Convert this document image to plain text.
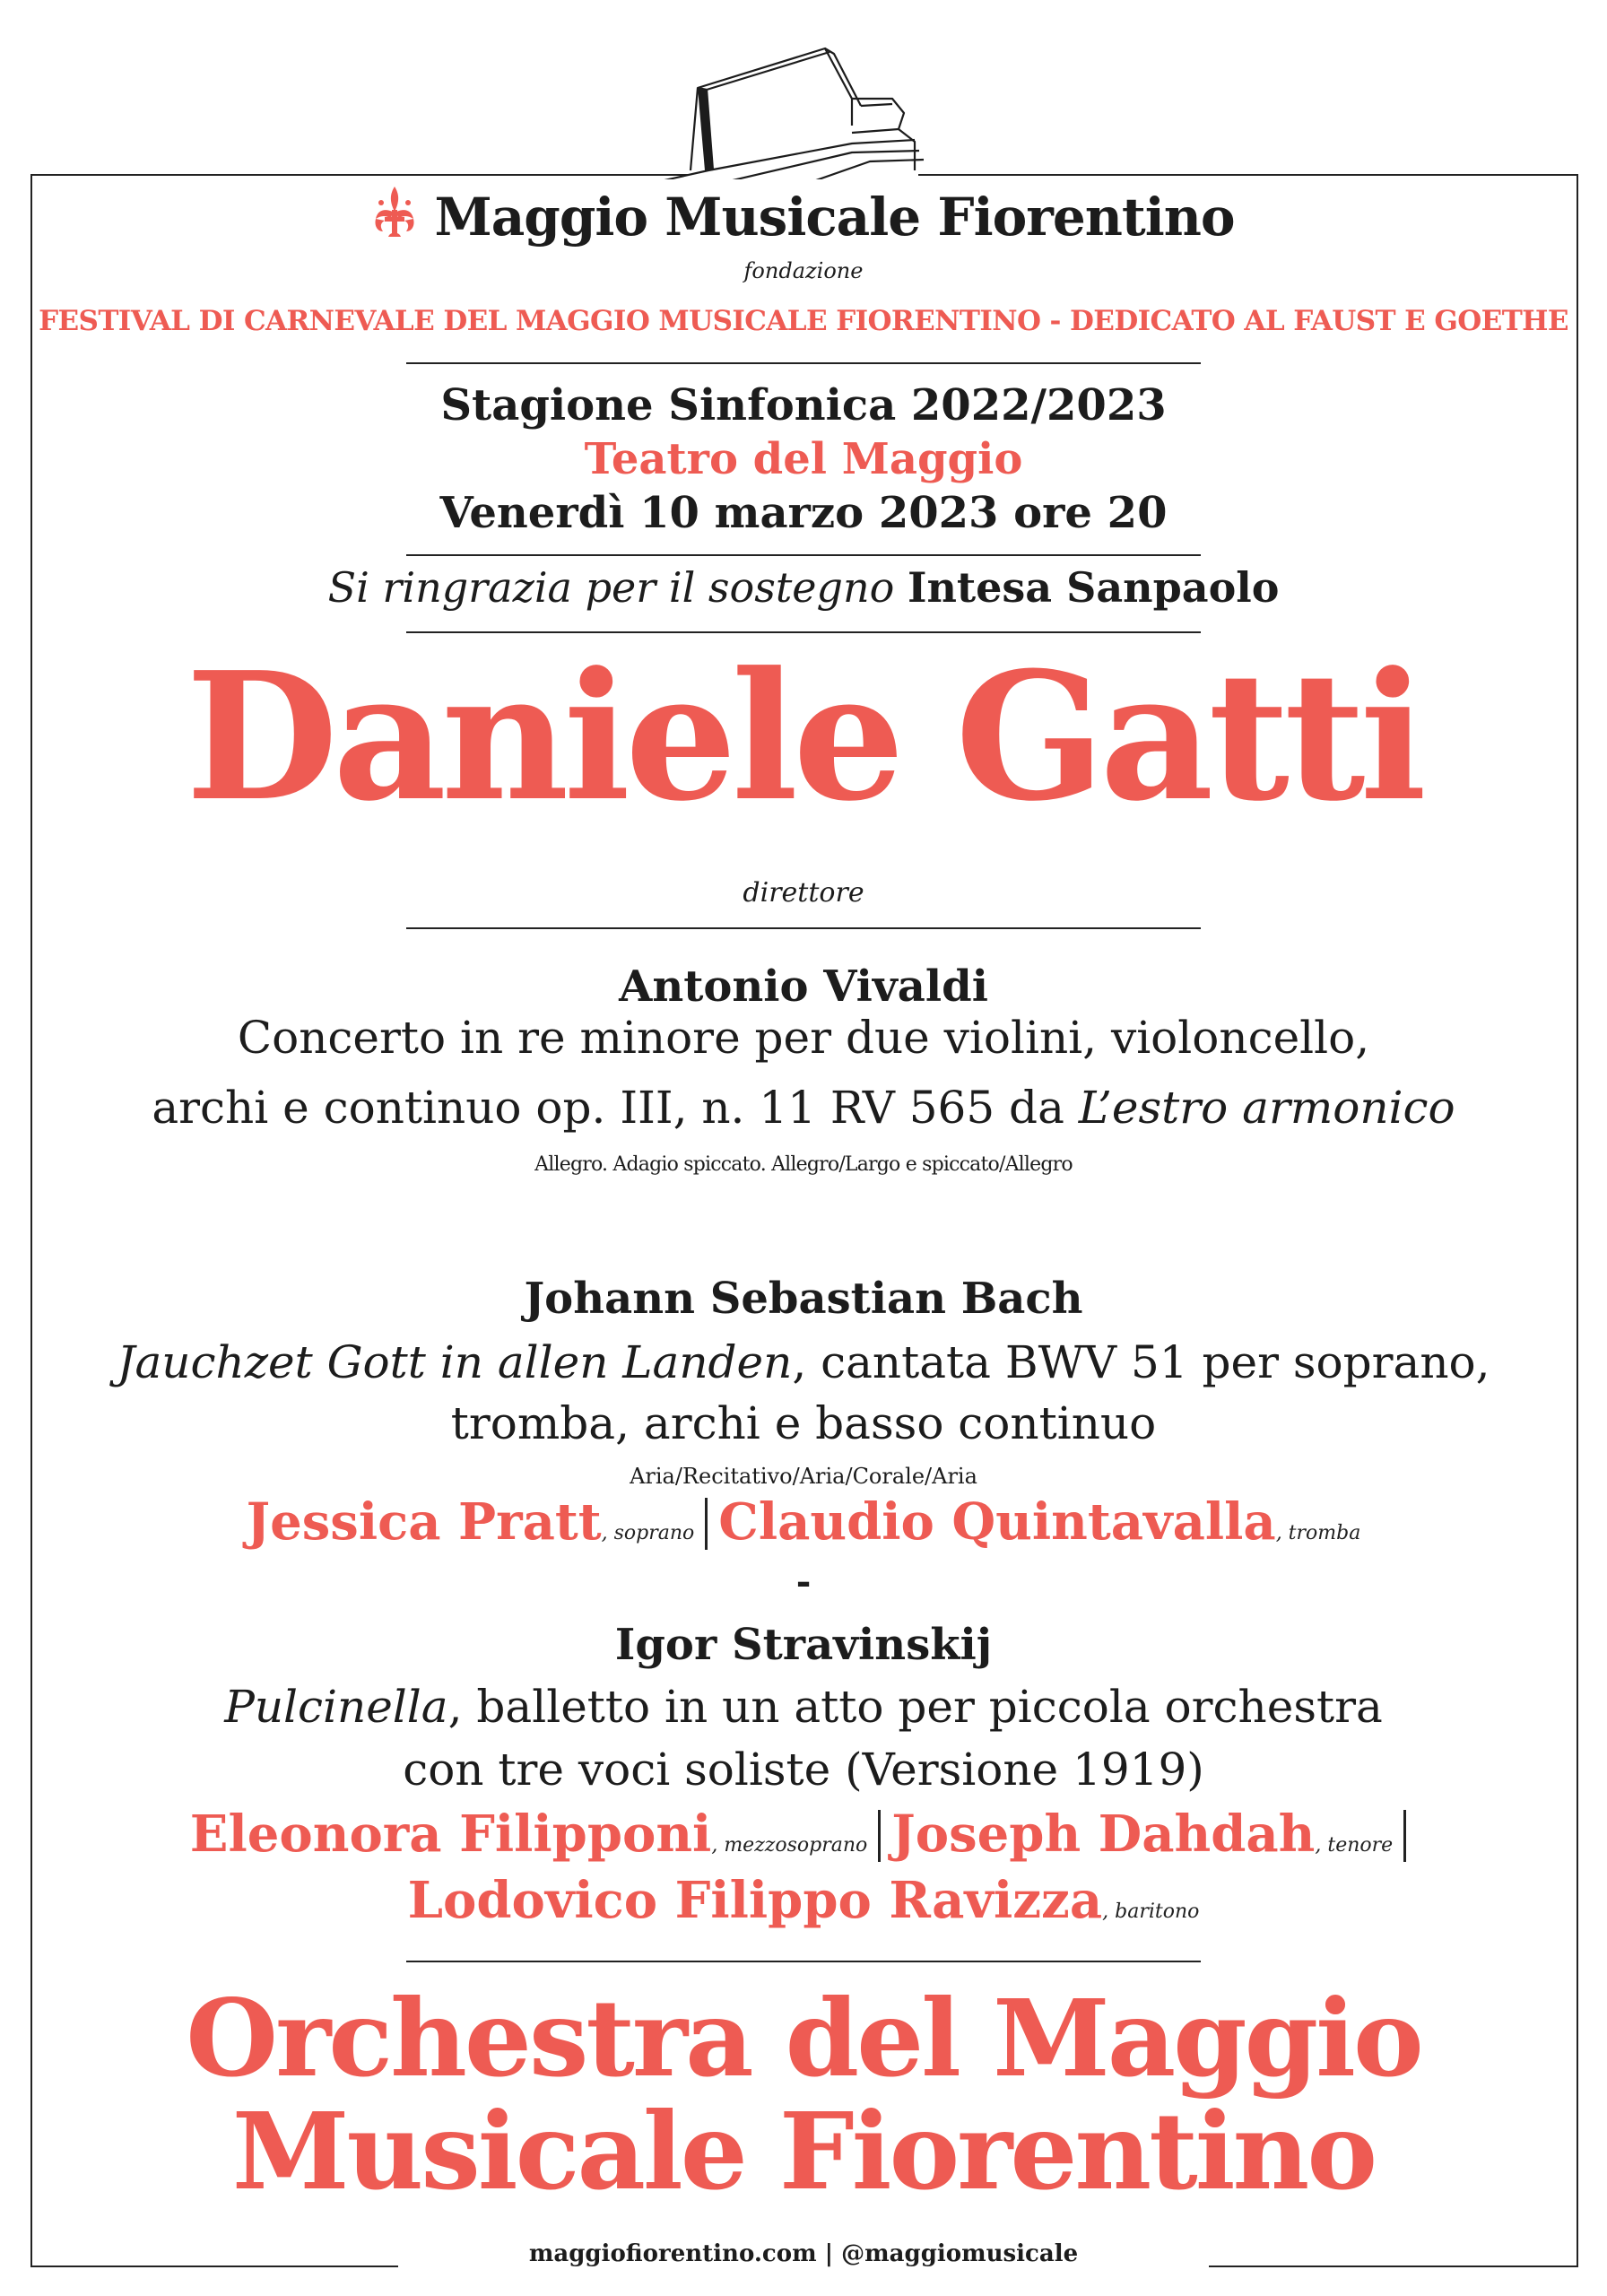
Maggio Musicale Fiorentino
fondazione
FESTIVAL DI CARNEVALE DEL MAGGIO MUSICALE FIORENTINO - DEDICATO AL FAUST E GOETHE
Stagione Sinfonica 2022/2023
Teatro del Maggio
Venerdì 10 marzo 2023 ore 20
Si ringrazia per il sostegno Intesa Sanpaolo
Daniele Gatti
direttore
Antonio Vivaldi
Concerto in re minore per due violini, violoncello,
archi e continuo op. III, n. 11 RV 565 da L’estro armonico
Allegro. Adagio spiccato. Allegro/Largo e spiccato/Allegro
Johann Sebastian Bach
Jauchzet Gott in allen Landen, cantata BWV 51 per soprano,
tromba, archi e basso continuo
Aria/Recitativo/Aria/Corale/Aria
Jessica Pratt, soprano Claudio Quintavalla, tromba
-
Igor Stravinskij
Pulcinella, balletto in un atto per piccola orchestra
con tre voci soliste (Versione 1919)
Eleonora Filipponi, mezzosoprano Joseph Dahdah, tenore
Lodovico Filippo Ravizza, baritono
Orchestra del Maggio
Musicale Fiorentino
maggiofiorentino.com | @maggiomusicale
